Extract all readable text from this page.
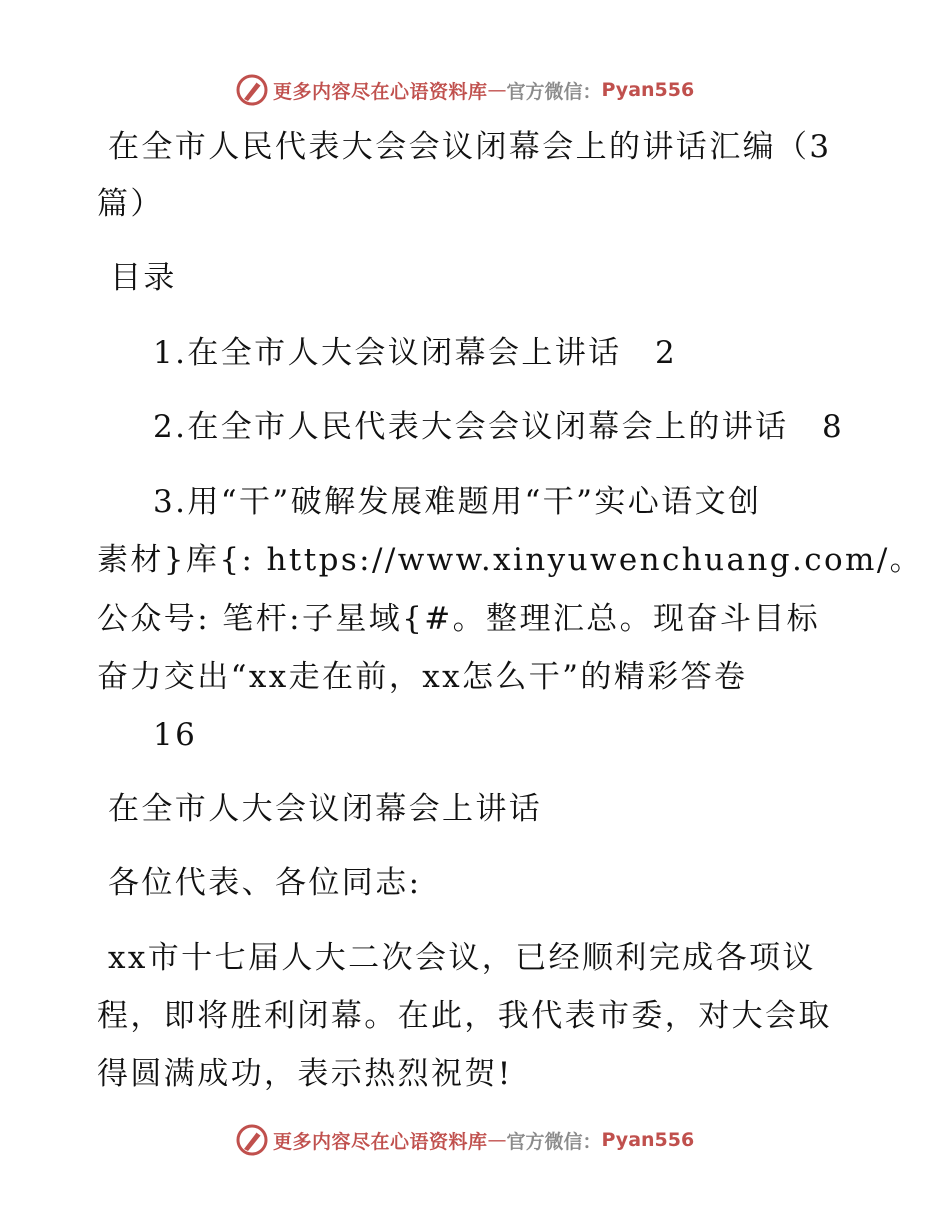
更多内容尽在心语资料库 — 官方微信： Pyan556
在全市人民代表大会会议闭幕会上的讲话汇编（3
篇）
目录
1.在全市人大会议闭幕会上讲话　2
2.在全市人民代表大会会议闭幕会上的讲话　8
3.用“干”破解发展难题用“干”实心语文创
素材}库{: https://www.xinyuwenchuang.com/。
公众号: 笔杆:子星域{#。整理汇总。现奋斗目标
奋力交出“xx走在前，xx怎么干”的精彩答卷
16
在全市人大会议闭幕会上讲话
各位代表、各位同志:
xx市十七届人大二次会议，已经顺利完成各项议
程，即将胜利闭幕。在此，我代表市委，对大会取
得圆满成功，表示热烈祝贺!
更多内容尽在心语资料库 — 官方微信： Pyan556
